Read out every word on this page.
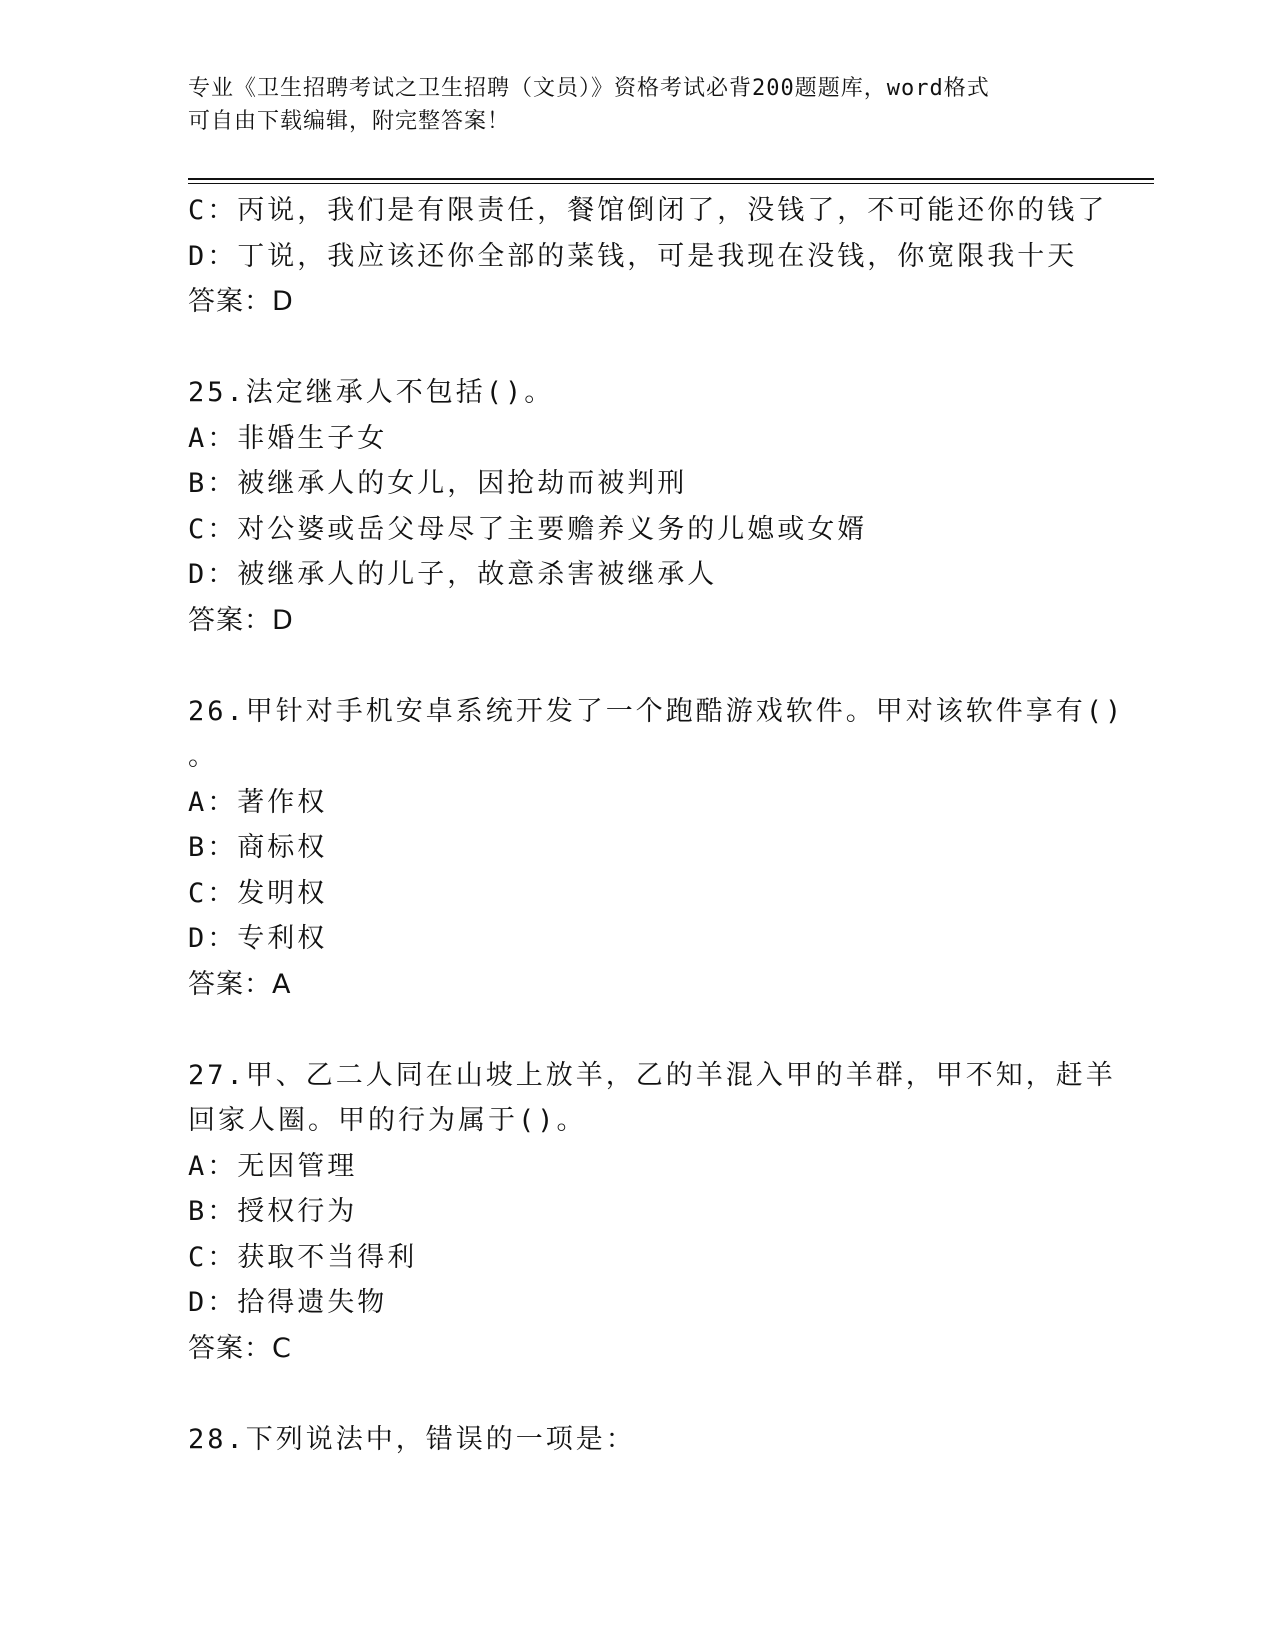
专业《卫生招聘考试之卫生招聘（文员）》资格考试必背200题题库，word格式

可自由下载编辑，附完整答案！

C：丙说，我们是有限责任，餐馆倒闭了，没钱了，不可能还你的钱了
D：丁说，我应该还你全部的菜钱，可是我现在没钱，你宽限我十天
答案：D
25.法定继承人不包括()。
A：非婚生子女
B：被继承人的女儿，因抢劫而被判刑
C：对公婆或岳父母尽了主要赡养义务的儿媳或女婿
D：被继承人的儿子，故意杀害被继承人
答案：D
26.甲针对手机安卓系统开发了一个跑酷游戏软件。甲对该软件享有()
。
A：著作权
B：商标权
C：发明权
D：专利权
答案：A
27.甲、乙二人同在山坡上放羊，乙的羊混入甲的羊群，甲不知，赶羊
回家人圈。甲的行为属于()。
A：无因管理
B：授权行为
C：获取不当得利
D：拾得遗失物
答案：C
28.下列说法中，错误的一项是：
